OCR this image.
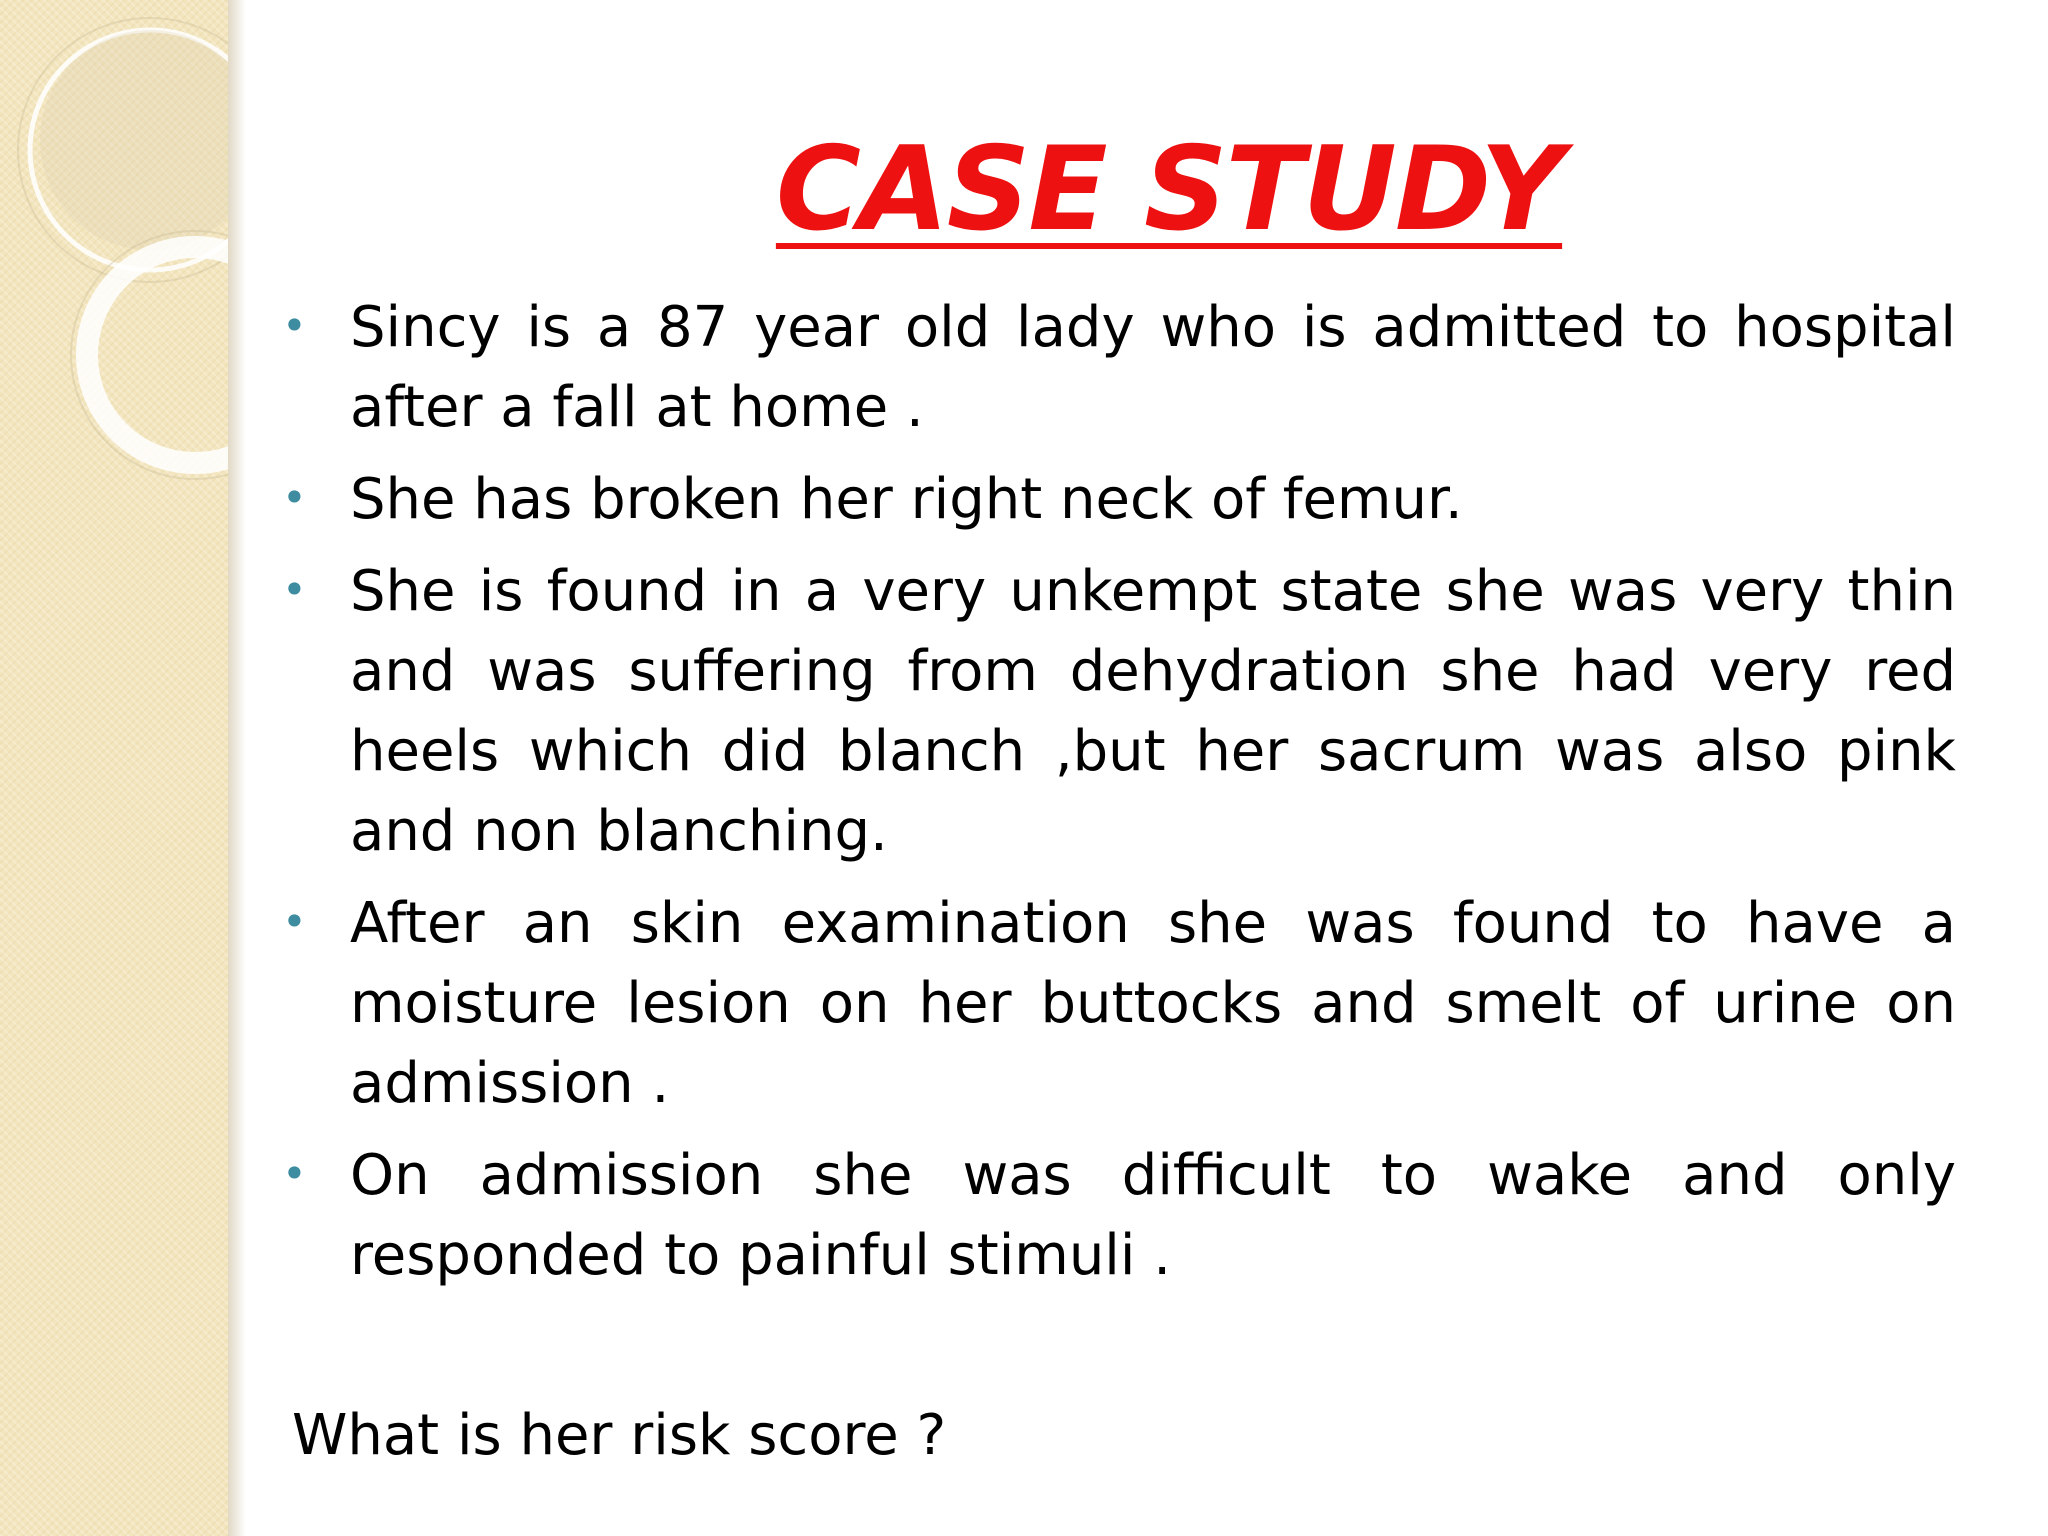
CASE STUDY
• Sincy is a 87 year old lady who is admitted to hospital after a fall at home .
• She has broken her right neck of femur.
• She is found in a very unkempt state she was very thin and was suffering from dehydration she had very red heels which did blanch ,but her sacrum was also pink and non blanching.
• After an skin examination she was found to have a moisture lesion on her buttocks and smelt of urine on admission .
• On admission she was difficult to wake and only responded to painful stimuli .
What is her risk score ?
